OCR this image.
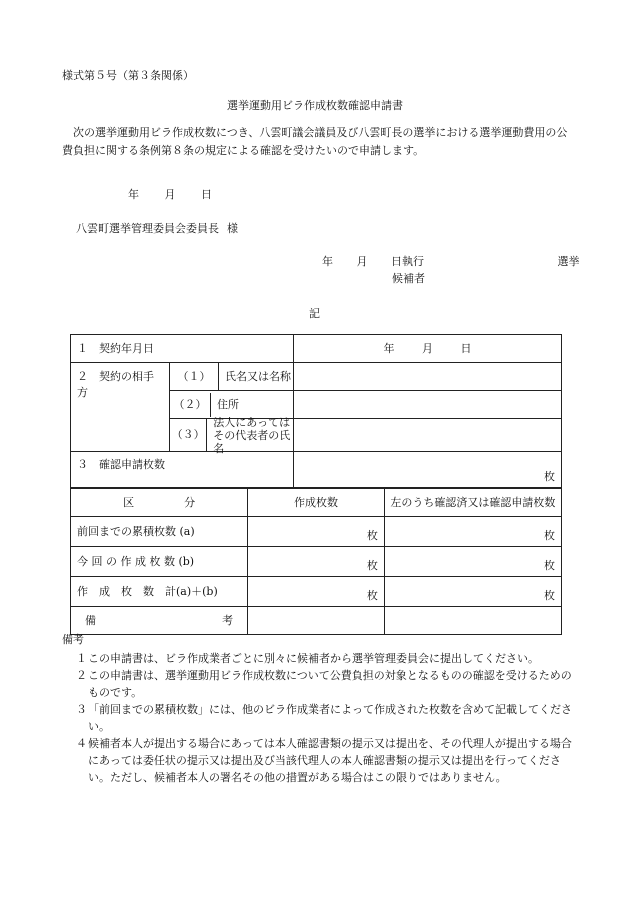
様式第５号（第３条関係）
選挙運動用ビラ作成枚数確認申請書

次の選挙運動用ビラ作成枚数につき、八雲町議会議員及び八雲町長の選挙における選挙運動費用の公費負担に関する条例第８条の規定による確認を受けたいので申請します。

年 月 日
八雲町選挙管理委員会委員長 様
年 月 日執行	選挙
候補者
記
１　契約年月日		年 月 日
２　契約の相手方		（１） 氏名又は名称	

	（２） 住所	

	（３）
法人にあっては
その代表者の氏名	

３　確認申請枚数		枚
区 分	作成枚数	左のうち確認済又は確認申請枚数
前回までの累積枚数 (a)	枚	枚
今 回 の 作 成 枚 数 (b)	枚	枚
作　成　枚　数　計(a)＋(b)	枚	枚

備 考		

備考

１ この申請書は、ビラ作成業者ごとに別々に候補者から選挙管理委員会に提出してください。

２ この申請書は、選挙運動用ビラ作成枚数について公費負担の対象となるものの確認を受けるためのものです。

３ 「前回までの累積枚数」には、他のビラ作成業者によって作成された枚数を含めて記載してください。

４ 候補者本人が提出する場合にあっては本人確認書類の提示又は提出を、その代理人が提出する場合にあっては委任状の提示又は提出及び当該代理人の本人確認書類の提示又は提出を行ってください。ただし、候補者本人の署名その他の措置がある場合はこの限りではありません。
